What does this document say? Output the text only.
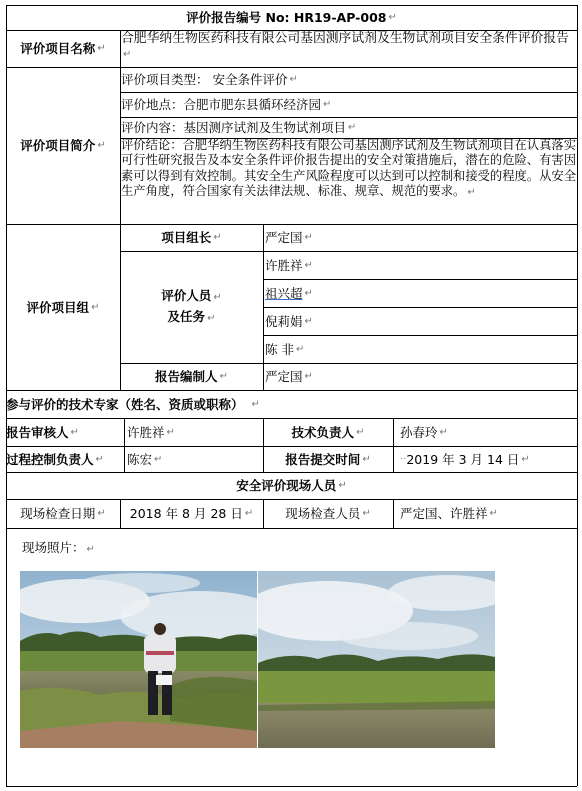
评价报告编号 No: HR19-AP-008 ↵
评价项目名称 ↵
合肥华纳生物医药科技有限公司基因测序试剂及生物试剂项目安全条件评价报告↵
评价项目简介 ↵
评价项目类型： 安全条件评价 ↵
评价地点：合肥市肥东县循环经济园 ↵
评价内容：基因测序试剂及生物试剂项目 ↵
评价结论：合肥华纳生物医药科技有限公司基因测序试剂及生物试剂项目在认真落实可行性研究报告及本安全条件评价报告提出的安全对策措施后，潜在的危险、有害因素可以得到有效控制。其安全生产风险程度可以达到可以控制和接受的程度。从安全生产角度，符合国家有关法律法规、标准、规章、规范的要求。 ↵
评价项目组 ↵
项目组长 ↵	严定国 ↵
评价人员 ↵
及任务 ↵
许胜祥 ↵
祖兴超 ↵
倪莉娟 ↵
陈 非 ↵
报告编制人 ↵	严定国 ↵
参与评价的技术专家（姓名、资质或职称） ↵
报告审核人 ↵	许胜祥 ↵	技术负责人 ↵	孙春玲 ↵
过程控制负责人 ↵ 陈宏 ↵	报告提交时间 ↵	·· 2019 年 3 月 14 日 ↵
安全评价现场人员 ↵
现场检查日期 ↵ 2018 年 8 月 28 日 ↵	现场检查人员 ↵ 严定国、许胜祥 ↵
现场照片： ↵
